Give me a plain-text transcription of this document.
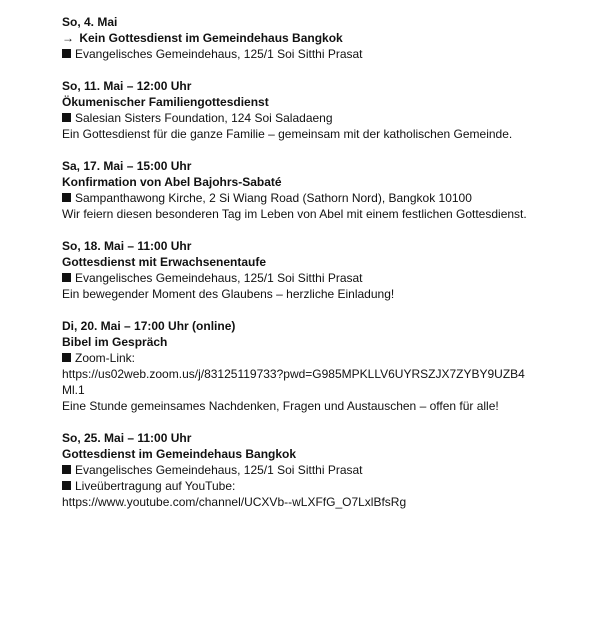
So, 4. Mai
→ Kein Gottesdienst im Gemeindehaus Bangkok
Evangelisches Gemeindehaus, 125/1 Soi Sitthi Prasat
So, 11. Mai – 12:00 Uhr
Ökumenischer Familiengottesdienst
Salesian Sisters Foundation, 124 Soi Saladaeng
Ein Gottesdienst für die ganze Familie – gemeinsam mit der katholischen Gemeinde.
Sa, 17. Mai – 15:00 Uhr
Konfirmation von Abel Bajohrs-Sabaté
Sampanthawong Kirche, 2 Si Wiang Road (Sathorn Nord), Bangkok 10100
Wir feiern diesen besonderen Tag im Leben von Abel mit einem festlichen Gottesdienst.
So, 18. Mai – 11:00 Uhr
Gottesdienst mit Erwachsenentaufe
Evangelisches Gemeindehaus, 125/1 Soi Sitthi Prasat
Ein bewegender Moment des Glaubens – herzliche Einladung!
Di, 20. Mai – 17:00 Uhr (online)
Bibel im Gespräch
Zoom-Link:
https://us02web.zoom.us/j/83125119733?pwd=G985MPKLLV6UYRSZJX7ZYBY9UZB4Ml.1
Eine Stunde gemeinsames Nachdenken, Fragen und Austauschen – offen für alle!
So, 25. Mai – 11:00 Uhr
Gottesdienst im Gemeindehaus Bangkok
Evangelisches Gemeindehaus, 125/1 Soi Sitthi Prasat
Liveübertragung auf YouTube:
https://www.youtube.com/channel/UCXVb--wLXFfG_O7LxlBfsRg
